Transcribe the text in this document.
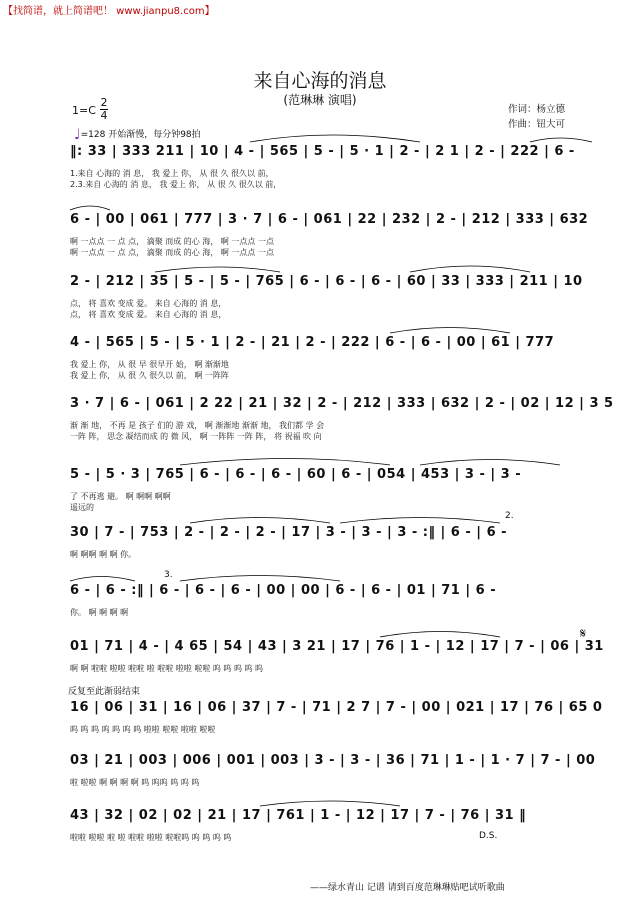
【找简谱，就上简谱吧！ www.jianpu8.com】
来自心海的消息
(范琳琳 演唱)
1=C
2
4
♩=128 开始渐慢，每分钟98拍
作词：杨立德
作曲：钮大可
‖: 33 | 333 211 | 10 | 4 - | 565 | 5 - | 5 · 1 | 2 - | 2 1 | 2 - | 222 | 6 -
1.来自 心海的 消 息， 我 爱上 你， 从 很 久 很久以 前，
2.3.来自 心海的 消 息， 我 爱上 你， 从 很 久 很久以 前，
6 - | 00 | 061 | 777 | 3 · 7 | 6 - | 061 | 22 | 232 | 2 - | 212 | 333 | 632
啊 一点点 一 点 点， 滴聚 而成 的心 海， 啊 一点点 一点
啊 一点点 一 点 点， 滴聚 而成 的心 海， 啊 一点点 一点
2 - | 212 | 35 | 5 - | 5 - | 765 | 6 - | 6 - | 6 - | 60 | 33 | 333 | 211 | 10
点， 将 喜欢 变成 爱。 来自 心海的 消 息，
点， 将 喜欢 变成 爱。 来自 心海的 消 息，
4 - | 565 | 5 - | 5 · 1 | 2 - | 21 | 2 - | 222 | 6 - | 6 - | 00 | 61 | 777
我 爱上 你， 从 很 早 很早开 始， 啊 渐渐地
我 爱上 你， 从 很 久 很久以 前， 啊 一阵阵
3 · 7 | 6 - | 061 | 2 22 | 21 | 32 | 2 - | 212 | 333 | 632 | 2 - | 02 | 12 | 3 5
渐 渐 地， 不再 是 孩子 们的 游 戏， 啊 渐渐地 渐渐 地， 我们都 学 会
一阵 阵， 思念 凝结而成 的 微 风， 啊 一阵阵 一阵 阵， 将 祝福 吹 向
5 - | 5 · 3 | 765 | 6 - | 6 - | 6 - | 60 | 6 - | 054 | 453 | 3 - | 3 -
了 不再逃 避。 啊 啊啊 啊啊
遥远的
30 | 7 - | 753 | 2 - | 2 - | 2 - | 17 | 3 - | 3 - | 3 - :‖ | 6 - | 6 -
啊 啊啊 啊 啊 你。
6 - | 6 - :‖ | 6 - | 6 - | 6 - | 00 | 00 | 6 - | 6 - | 01 | 71 | 6 -
你。 啊 啊 啊 啊
01 | 71 | 4 - | 4 65 | 54 | 43 | 3 21 | 17 | 76 | 1 - | 12 | 17 | 7 - | 06 | 31
啊 啊 啦啦 啦啦 啦啦 啦 啦啦 啦啦 啦啦 呜 呜 呜 呜 呜
16 | 06 | 31 | 16 | 06 | 37 | 7 - | 71 | 2 7 | 7 - | 00 | 021 | 17 | 76 | 65 0
呜 呜 呜 呜 呜 呜 呜 啦啦 啦啦 啦啦 啦啦
03 | 21 | 003 | 006 | 001 | 003 | 3 - | 3 - | 36 | 71 | 1 - | 1 · 7 | 7 - | 00
啦 啦啦 啊 啊 啊 啊 呜 呜呜 呜 呜 呜
43 | 32 | 02 | 02 | 21 | 17 | 761 | 1 - | 12 | 17 | 7 - | 76 | 31 ‖
啦啦 啦啦 啦 啦 啦啦 啦啦 啦啦呜 呜 呜 呜 呜
反复至此渐弱结束
2.
3.
𝄋
D.S.
——绿水青山 记谱 请到百度范琳琳贴吧试听歌曲
